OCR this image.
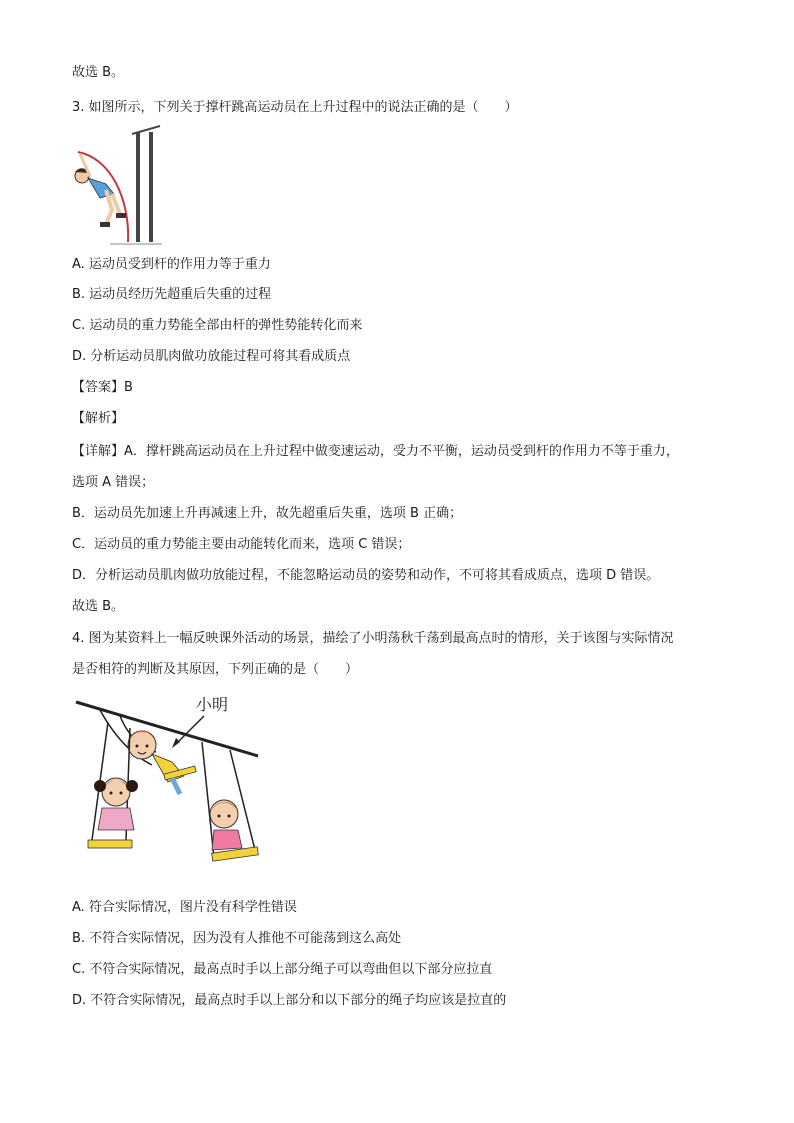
故选 B。
3. 如图所示，下列关于撑杆跳高运动员在上升过程中的说法正确的是（　　）
A. 运动员受到杆的作用力等于重力
B. 运动员经历先超重后失重的过程
C. 运动员的重力势能全部由杆的弹性势能转化而来
D. 分析运动员肌肉做功放能过程可将其看成质点
【答案】B
【解析】
【详解】A．撑杆跳高运动员在上升过程中做变速运动，受力不平衡，运动员受到杆的作用力不等于重力，
选项 A 错误；
B．运动员先加速上升再减速上升，故先超重后失重，选项 B 正确；
C．运动员的重力势能主要由动能转化而来，选项 C 错误；
D．分析运动员肌肉做功放能过程，不能忽略运动员的姿势和动作，不可将其看成质点，选项 D 错误。
故选 B。
4. 图为某资料上一幅反映课外活动的场景，描绘了小明荡秋千荡到最高点时的情形，关于该图与实际情况
是否相符的判断及其原因，下列正确的是（　　）
小明
A. 符合实际情况，图片没有科学性错误
B. 不符合实际情况，因为没有人推他不可能荡到这么高处
C. 不符合实际情况，最高点时手以上部分绳子可以弯曲但以下部分应拉直
D. 不符合实际情况，最高点时手以上部分和以下部分的绳子均应该是拉直的
